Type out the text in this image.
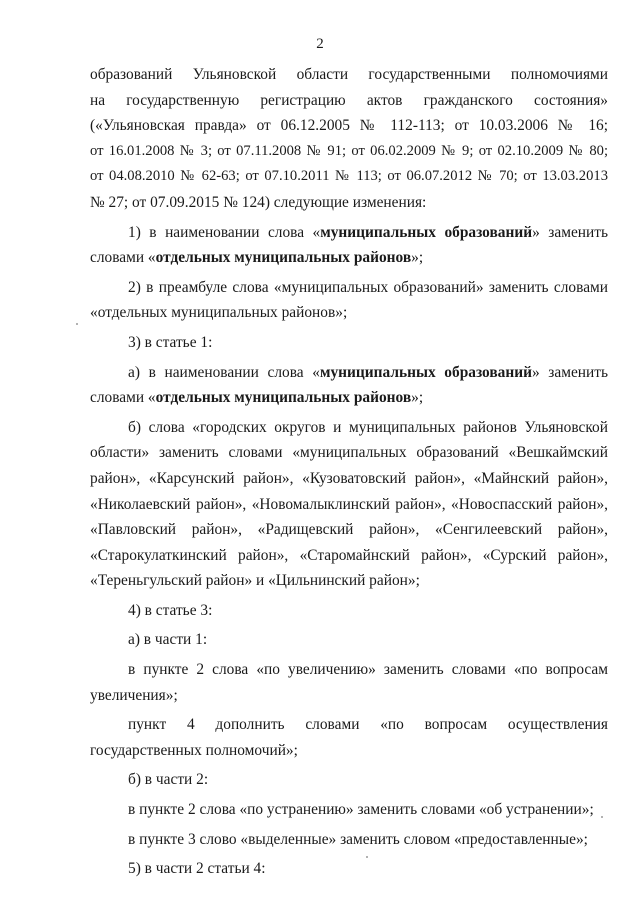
2

образований Ульяновской области государственными полномочиями

на государственную регистрацию актов гражданского состояния»

(«Ульяновская правда» от 06.12.2005 № 112-113; от 10.03.2006 № 16;

от 16.01.2008 № 3; от 07.11.2008 № 91; от 06.02.2009 № 9; от 02.10.2009 № 80;

от 04.08.2010 № 62-63; от 07.10.2011 № 113; от 06.07.2012 № 70; от 13.03.2013

№ 27; от 07.09.2015 № 124) следующие изменения:

1) в наименовании слова «муниципальных образований» заменить

словами «отдельных муниципальных районов»;

2) в преамбуле слова «муниципальных образований» заменить словами

«отдельных муниципальных районов»;

3) в статье 1:

а) в наименовании слова «муниципальных образований» заменить

словами «отдельных муниципальных районов»;

б) слова «городских округов и муниципальных районов Ульяновской

области» заменить словами «муниципальных образований «Вешкаймский

район», «Карсунский район», «Кузоватовский район», «Майнский район»,

«Николаевский район», «Новомалыклинский район», «Новоспасский район»,

«Павловский район», «Радищевский район», «Сенгилеевский район»,

«Старокулаткинский район», «Старомайнский район», «Сурский район»,

«Тереньгульский район» и «Цильнинский район»;

4) в статье 3:

а) в части 1:

в пункте 2 слова «по увеличению» заменить словами «по вопросам

увеличения»;

пункт 4 дополнить словами «по вопросам осуществления

государственных полномочий»;

б) в части 2:

в пункте 2 слова «по устранению» заменить словами «об устранении»;

в пункте 3 слово «выделенные» заменить словом «предоставленные»;

5) в части 2 статьи 4:
